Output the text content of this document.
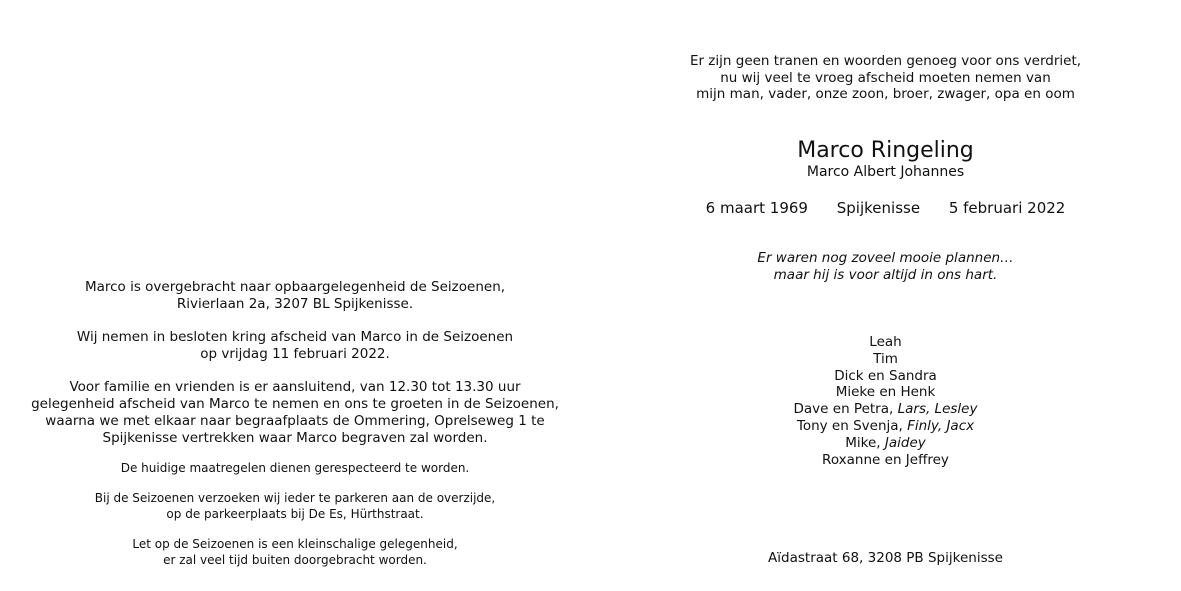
Marco is overgebracht naar opbaargelegenheid de Seizoenen,
Rivierlaan 2a, 3207 BL Spijkenisse.
Wij nemen in besloten kring afscheid van Marco in de Seizoenen
op vrijdag 11 februari 2022.
Voor familie en vrienden is er aansluitend, van 12.30 tot 13.30 uur
gelegenheid afscheid van Marco te nemen en ons te groeten in de Seizoenen,
waarna we met elkaar naar begraafplaats de Ommering, Oprelseweg 1 te
Spijkenisse vertrekken waar Marco begraven zal worden.
De huidige maatregelen dienen gerespecteerd te worden.
Bij de Seizoenen verzoeken wij ieder te parkeren aan de overzijde,
op de parkeerplaats bij De Es, Hürthstraat.
Let op de Seizoenen is een kleinschalige gelegenheid,
er zal veel tijd buiten doorgebracht worden.
Er zijn geen tranen en woorden genoeg voor ons verdriet,
nu wij veel te vroeg afscheid moeten nemen van
mijn man, vader, onze zoon, broer, zwager, opa en oom
Marco Ringeling
Marco Albert Johannes
6 maart 1969 Spijkenisse 5 februari 2022
Er waren nog zoveel mooie plannen…
maar hij is voor altijd in ons hart.
Leah
Tim
Dick en Sandra
Mieke en Henk
Dave en Petra, Lars, Lesley
Tony en Svenja, Finly, Jacx
Mike, Jaidey
Roxanne en Jeffrey
Aïdastraat 68, 3208 PB Spijkenisse
